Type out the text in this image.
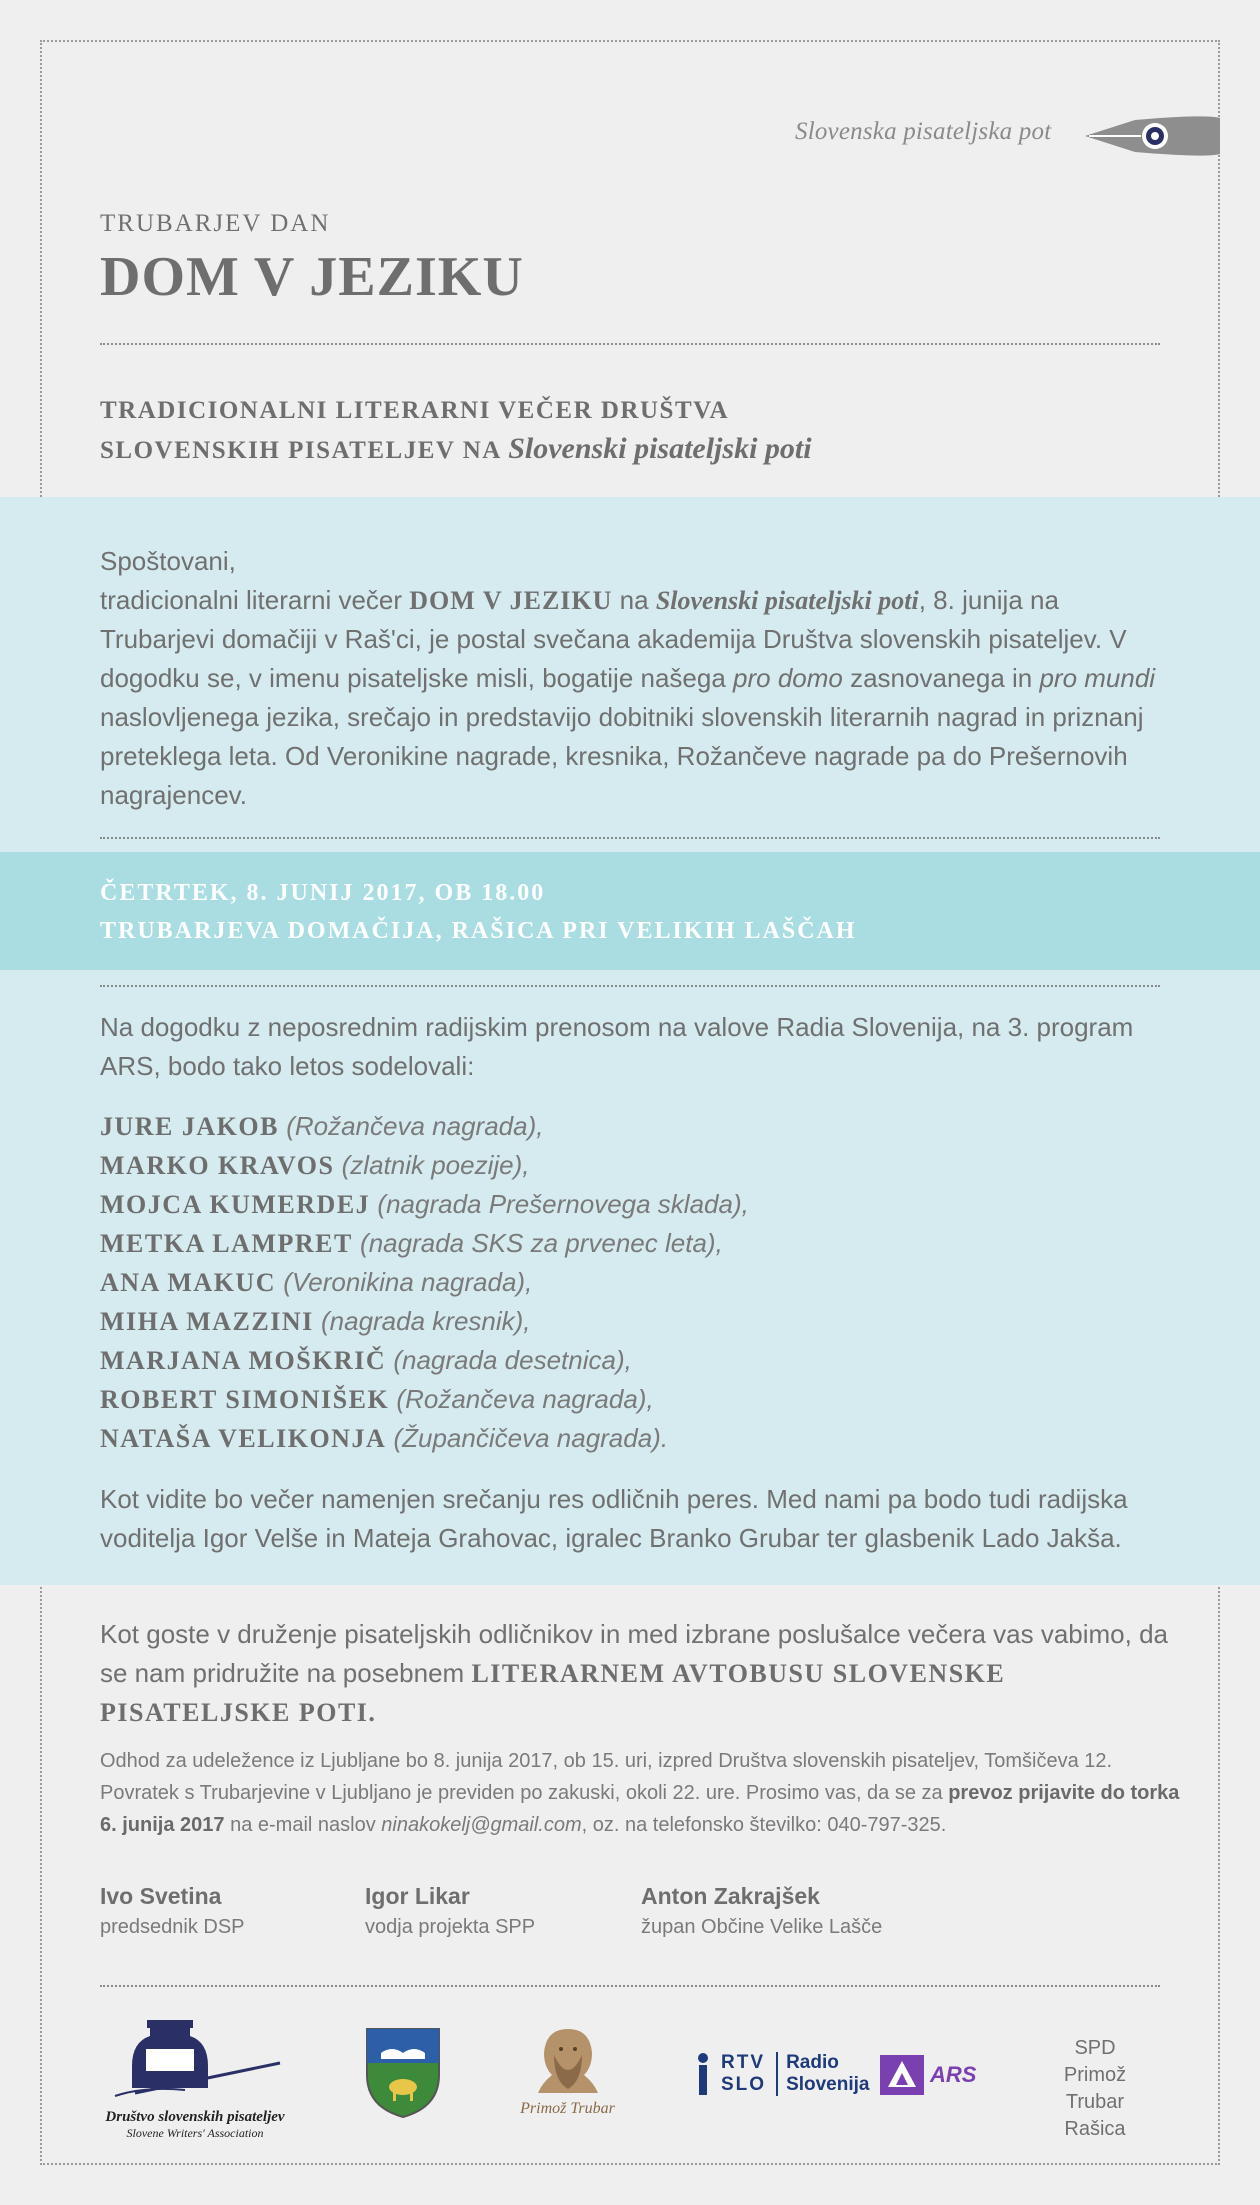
Slovenska pisateljska pot
TRUBARJEV DAN
DOM V JEZIKU
TRADICIONALNI LITERARNI VEČER DRUŠTVA
SLOVENSKIH PISATELJEV NA Slovenski pisateljski poti
Spoštovani,
tradicionalni literarni večer DOM V JEZIKU na Slovenski pisateljski poti, 8. junija na Trubarjevi domačiji v Raš'ci, je postal svečana akademija Društva slovenskih pisateljev. V dogodku se, v imenu pisateljske misli, bogatije našega pro domo zasnovanega in pro mundi naslovljenega jezika, srečajo in predstavijo dobitniki slovenskih literarnih nagrad in priznanj preteklega leta. Od Veronikine nagrade, kresnika, Rožančeve nagrade pa do Prešernovih nagrajencev.
ČETRTEK, 8. JUNIJ 2017, OB 18.00
TRUBARJEVA DOMAČIJA, RAŠICA PRI VELIKIH LAŠČAH
Na dogodku z neposrednim radijskim prenosom na valove Radia Slovenija, na 3. program ARS, bodo tako letos sodelovali:
JURE JAKOB (Rožančeva nagrada),
MARKO KRAVOS (zlatnik poezije),
MOJCA KUMERDEJ (nagrada Prešernovega sklada),
METKA LAMPRET (nagrada SKS za prvenec leta),
ANA MAKUC (Veronikina nagrada),
MIHA MAZZINI (nagrada kresnik),
MARJANA MOŠKRIČ (nagrada desetnica),
ROBERT SIMONIŠEK (Rožančeva nagrada),
NATAŠA VELIKONJA (Župančičeva nagrada).
Kot vidite bo večer namenjen srečanju res odličnih peres. Med nami pa bodo tudi radijska voditelja Igor Velše in Mateja Grahovac, igralec Branko Grubar ter glasbenik Lado Jakša.
Kot goste v druženje pisateljskih odličnikov in med izbrane poslušalce večera vas vabimo, da se nam pridružite na posebnem LITERARNEM AVTOBUSU SLOVENSKE PISATELJSKE POTI.
Odhod za udeležence iz Ljubljane bo 8. junija 2017, ob 15. uri, izpred Društva slovenskih pisateljev, Tomšičeva 12. Povratek s Trubarjevine v Ljubljano je previden po zakuski, okoli 22. ure. Prosimo vas, da se za prevoz prijavite do torka 6. junija 2017 na e-mail naslov ninakokelj@gmail.com, oz. na telefonsko številko: 040-797-325.
Ivo Svetina
predsednik DSP
Igor Likar
vodja projekta SPP
Anton Zakrajšek
župan Občine Velike Lašče
Društvo slovenskih pisateljev
Slovene Writers' Association
Primož Trubar
RTV
SLO
Radio
Slovenija	ARS
SPD
Primož Trubar
Rašica
